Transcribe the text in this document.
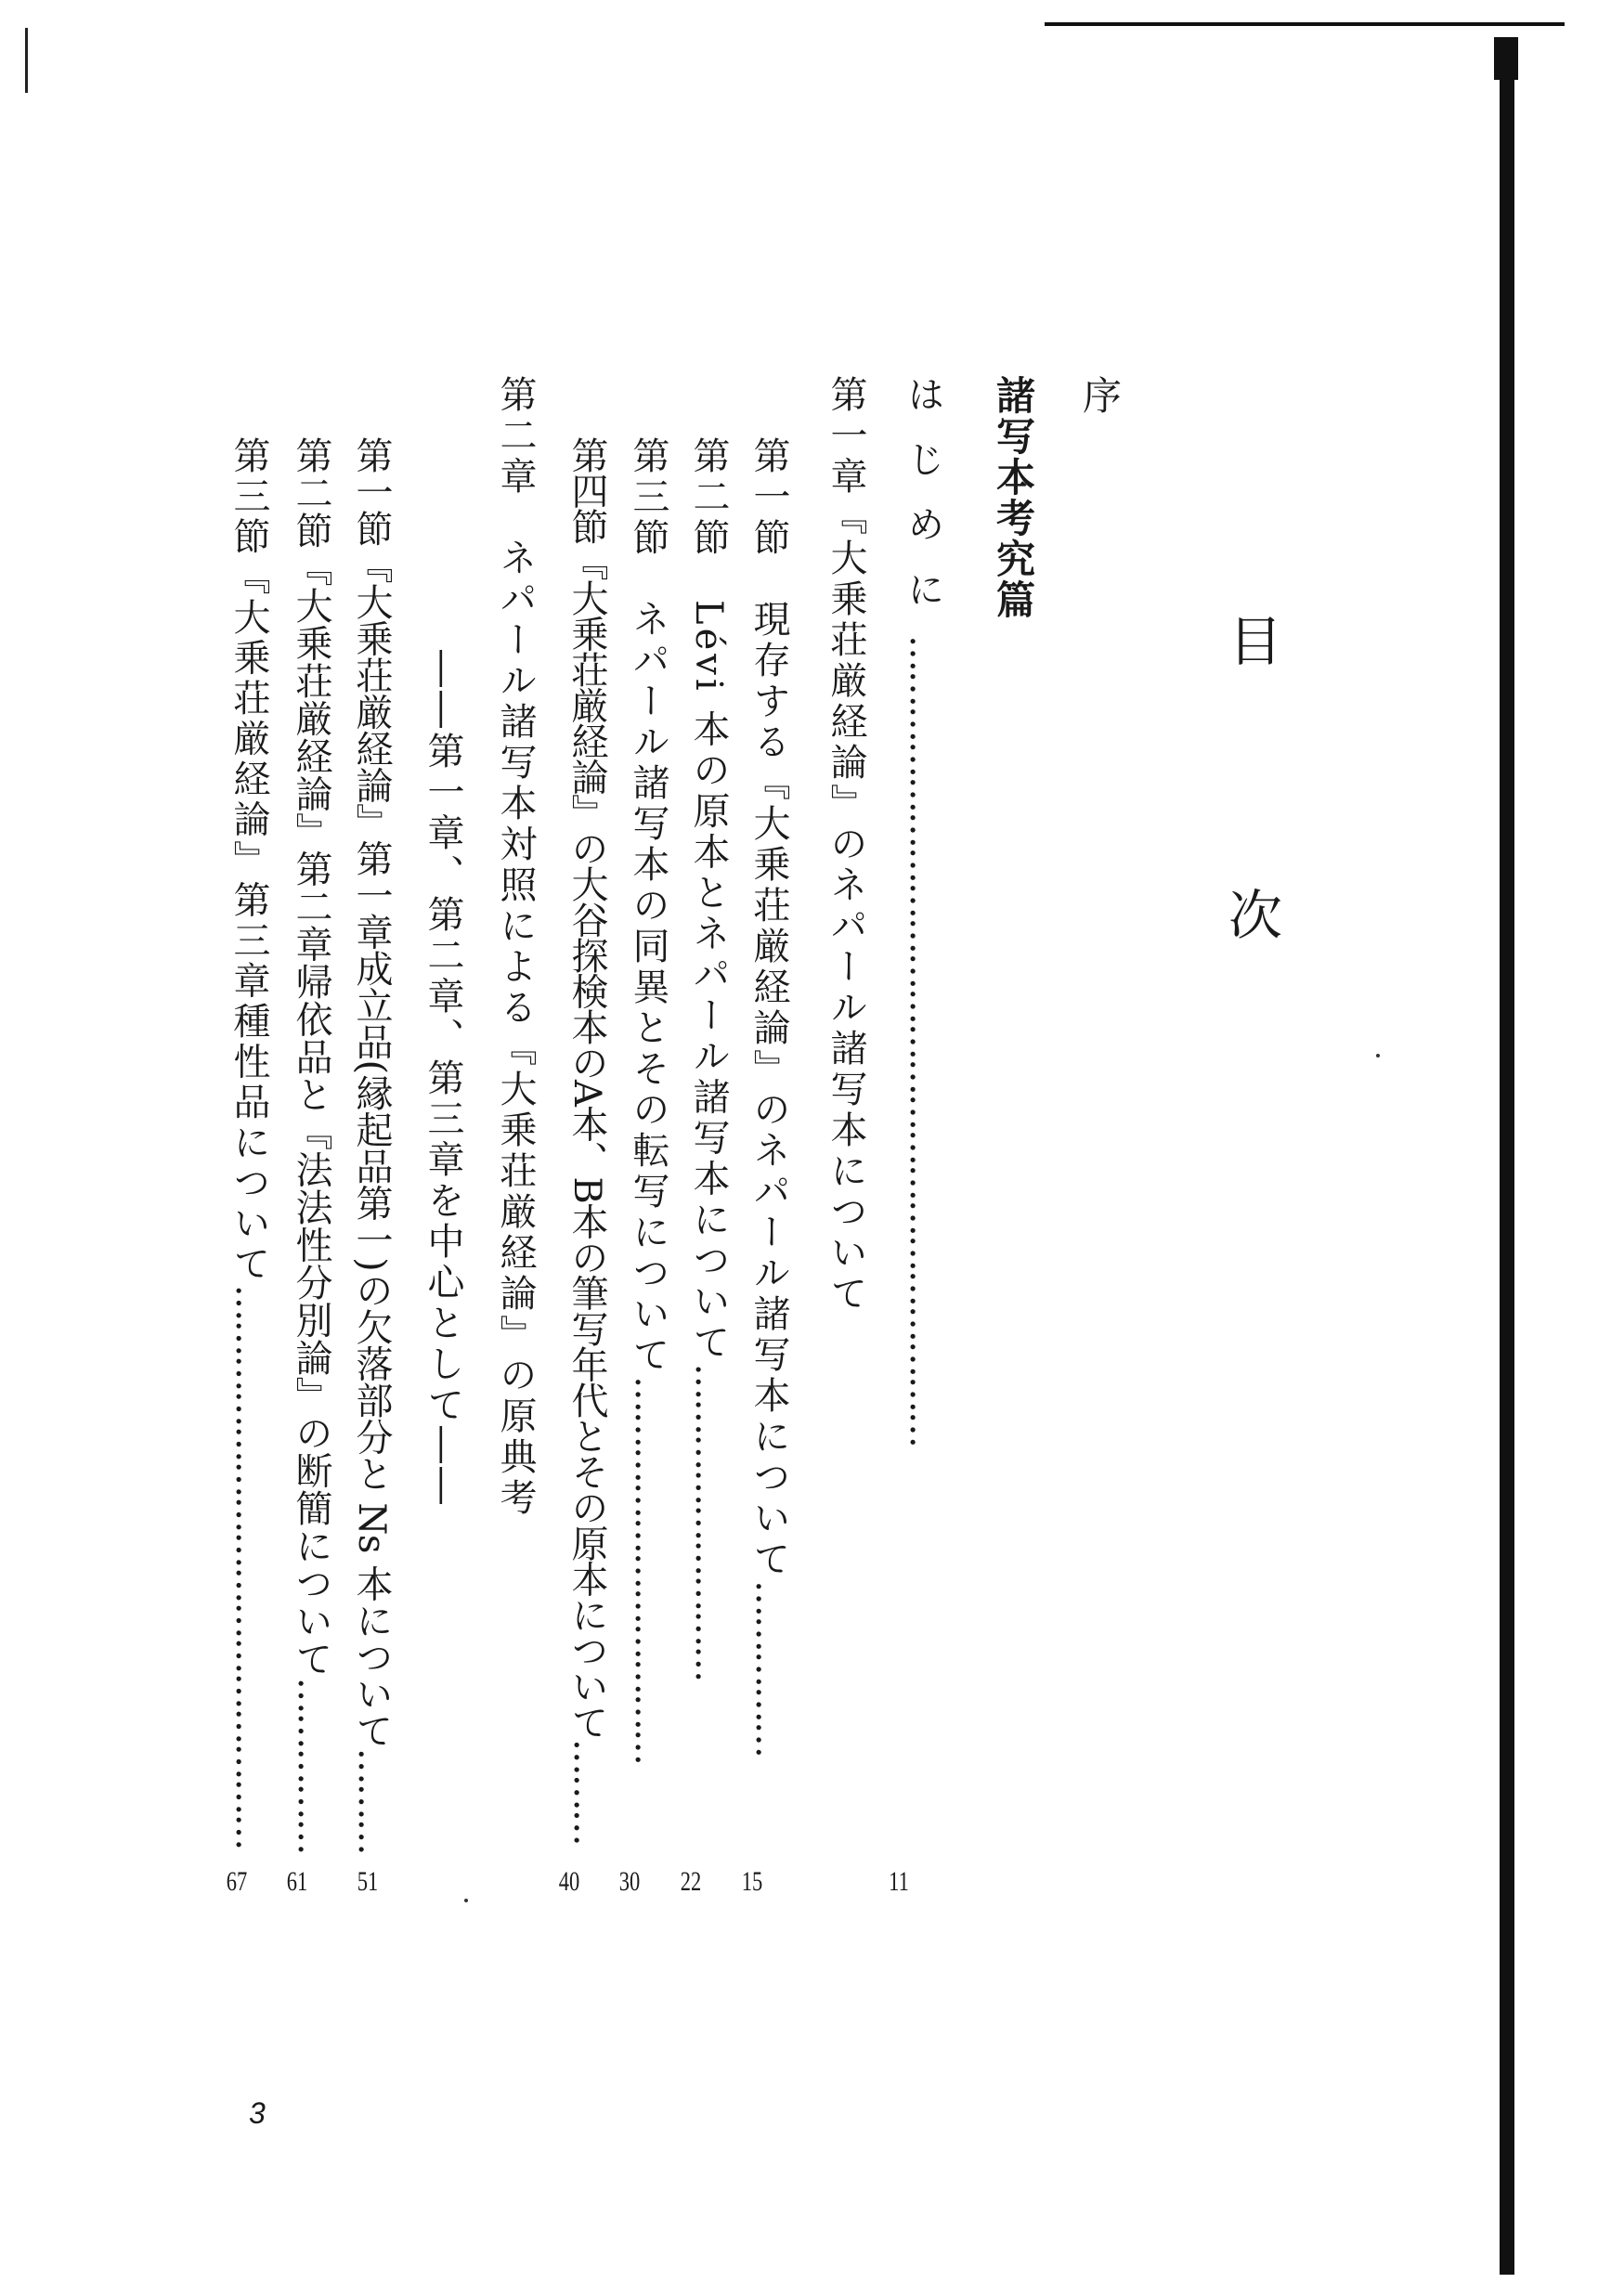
目
次
序
諸写本考究篇
はじめに……………………………………………………………
11
第一章『大乗荘厳経論』のネパール諸写本について
第一節　現存する『大乗荘厳経論』のネパール諸写本について……………
15
第二節　Lévi 本の原本とネパール諸写本について………………………
22
第三節　ネパール諸写本の同異とその転写について……………………………
30
第四節『大乗荘厳経論』の大谷探検本のA本、B本の筆写年代とその原本について………
40
第二章　ネパール諸写本対照による『大乗荘厳経論』の原典考
――第一章、第二章、第三章を中心として――
第一節『大乗荘厳経論』第一章成立品(縁起品第一)の欠落部分と Ns 本について………
51
第二節『大乗荘厳経論』第二章帰依品と『法法性分別論』の断簡について……………
61
第三節『大乗荘厳経論』第三章種性品について…………………………………………
67
3
